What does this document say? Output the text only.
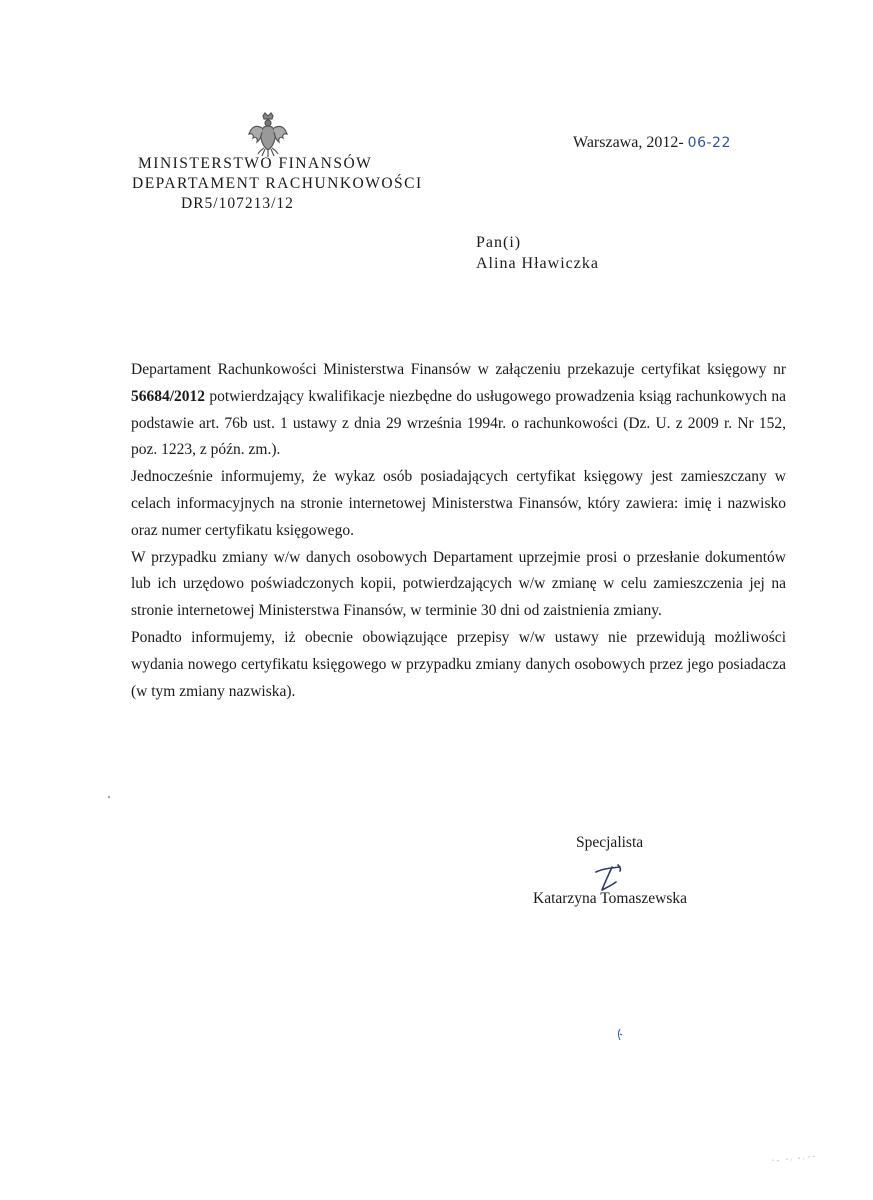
MINISTERSTWO FINANSÓW
DEPARTAMENT RACHUNKOWOŚCI
DR5/107213/12
Warszawa, 2012- 06-22
Pan(i)
Alina Hławiczka

Departament Rachunkowości Ministerstwa Finansów w załączeniu przekazuje certyfikat księgowy nr 56684/2012 potwierdzający kwalifikacje niezbędne do usługowego prowadzenia ksiąg rachunkowych na podstawie art. 76b ust. 1 ustawy z dnia 29 września 1994r. o rachunkowości (Dz. U. z 2009 r. Nr 152, poz. 1223, z późn. zm.).

Jednocześnie informujemy, że wykaz osób posiadających certyfikat księgowy jest zamieszczany w celach informacyjnych na stronie internetowej Ministerstwa Finansów, który zawiera: imię i nazwisko oraz numer certyfikatu księgowego.

W przypadku zmiany w/w danych osobowych Departament uprzejmie prosi o przesłanie dokumentów lub ich urzędowo poświadczonych kopii, potwierdzających w/w zmianę w celu zamieszczenia jej na stronie internetowej Ministerstwa Finansów, w terminie 30 dni od zaistnienia zmiany.

Ponadto informujemy, iż obecnie obowiązujące przepisy w/w ustawy nie przewidują możliwości wydania nowego certyfikatu księgowego w przypadku zmiany danych osobowych przez jego posiadacza (w tym zmiany nazwiska).

Specjalista
Katarzyna Tomaszewska
